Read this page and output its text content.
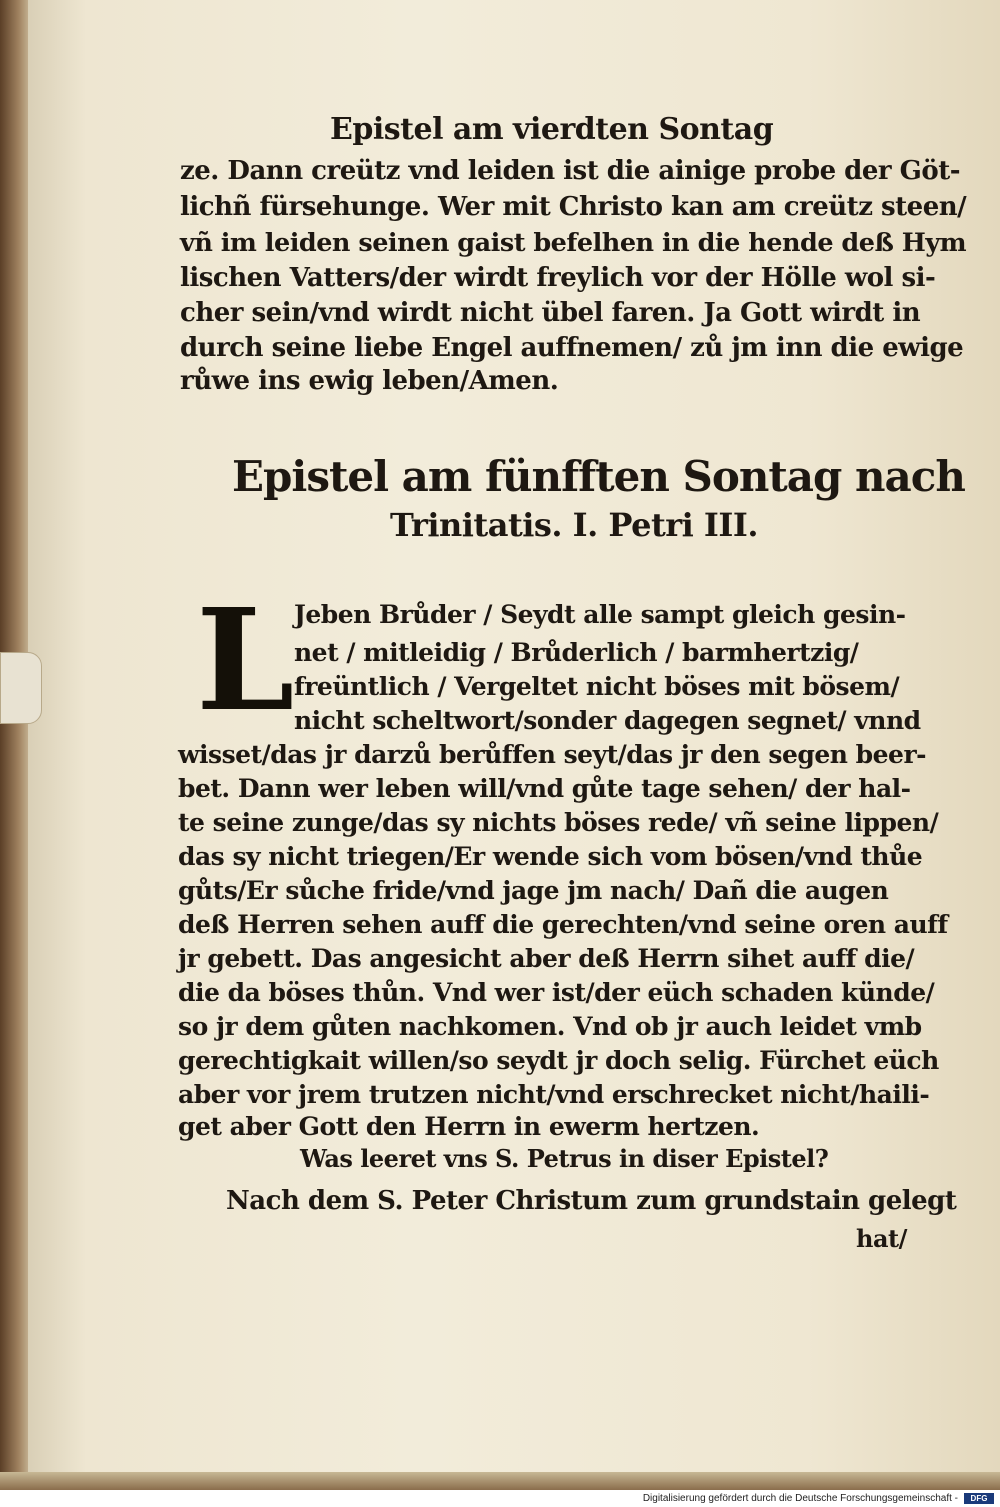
Epistel am vierdten Sontag
ze. Dann creütz vnd leiden ist die ainige probe der Göt-
lichñ fürsehunge. Wer mit Christo kan am creütz steen/
vñ im leiden seinen gaist befelhen in die hende deß Hym
lischen Vatters/der wirdt freylich vor der Hölle wol si-
cher sein/vnd wirdt nicht übel faren. Ja Gott wirdt in
durch seine liebe Engel auffnemen/ zů jm inn die ewige
růwe ins ewig leben/Amen.
Epistel am fünfften Sontag nach
Trinitatis. I. Petri III.
L Jeben Brůder / Seydt alle sampt gleich gesin-
net / mitleidig / Brůderlich / barmhertzig/
freüntlich / Vergeltet nicht böses mit bösem/
nicht scheltwort/sonder dagegen segnet/ vnnd
wisset/das jr darzů berůffen seyt/das jr den segen beer-
bet. Dann wer leben will/vnd gůte tage sehen/ der hal-
te seine zunge/das sy nichts böses rede/ vñ seine lippen/
das sy nicht triegen/Er wende sich vom bösen/vnd thůe
gůts/Er sůche fride/vnd jage jm nach/ Dañ die augen
deß Herren sehen auff die gerechten/vnd seine oren auff
jr gebett. Das angesicht aber deß Herrn sihet auff die/
die da böses thůn. Vnd wer ist/der eüch schaden künde/
so jr dem gůten nachkomen. Vnd ob jr auch leidet vmb
gerechtigkait willen/so seydt jr doch selig. Fürchet eüch
aber vor jrem trutzen nicht/vnd erschrecket nicht/haili-
get aber Gott den Herrn in ewerm hertzen.
Was leeret vns S. Petrus in diser Epistel?
Nach dem S. Peter Christum zum grundstain gelegt
hat/
Digitalisierung gefördert durch die Deutsche Forschungsgemeinschaft -	DFG
